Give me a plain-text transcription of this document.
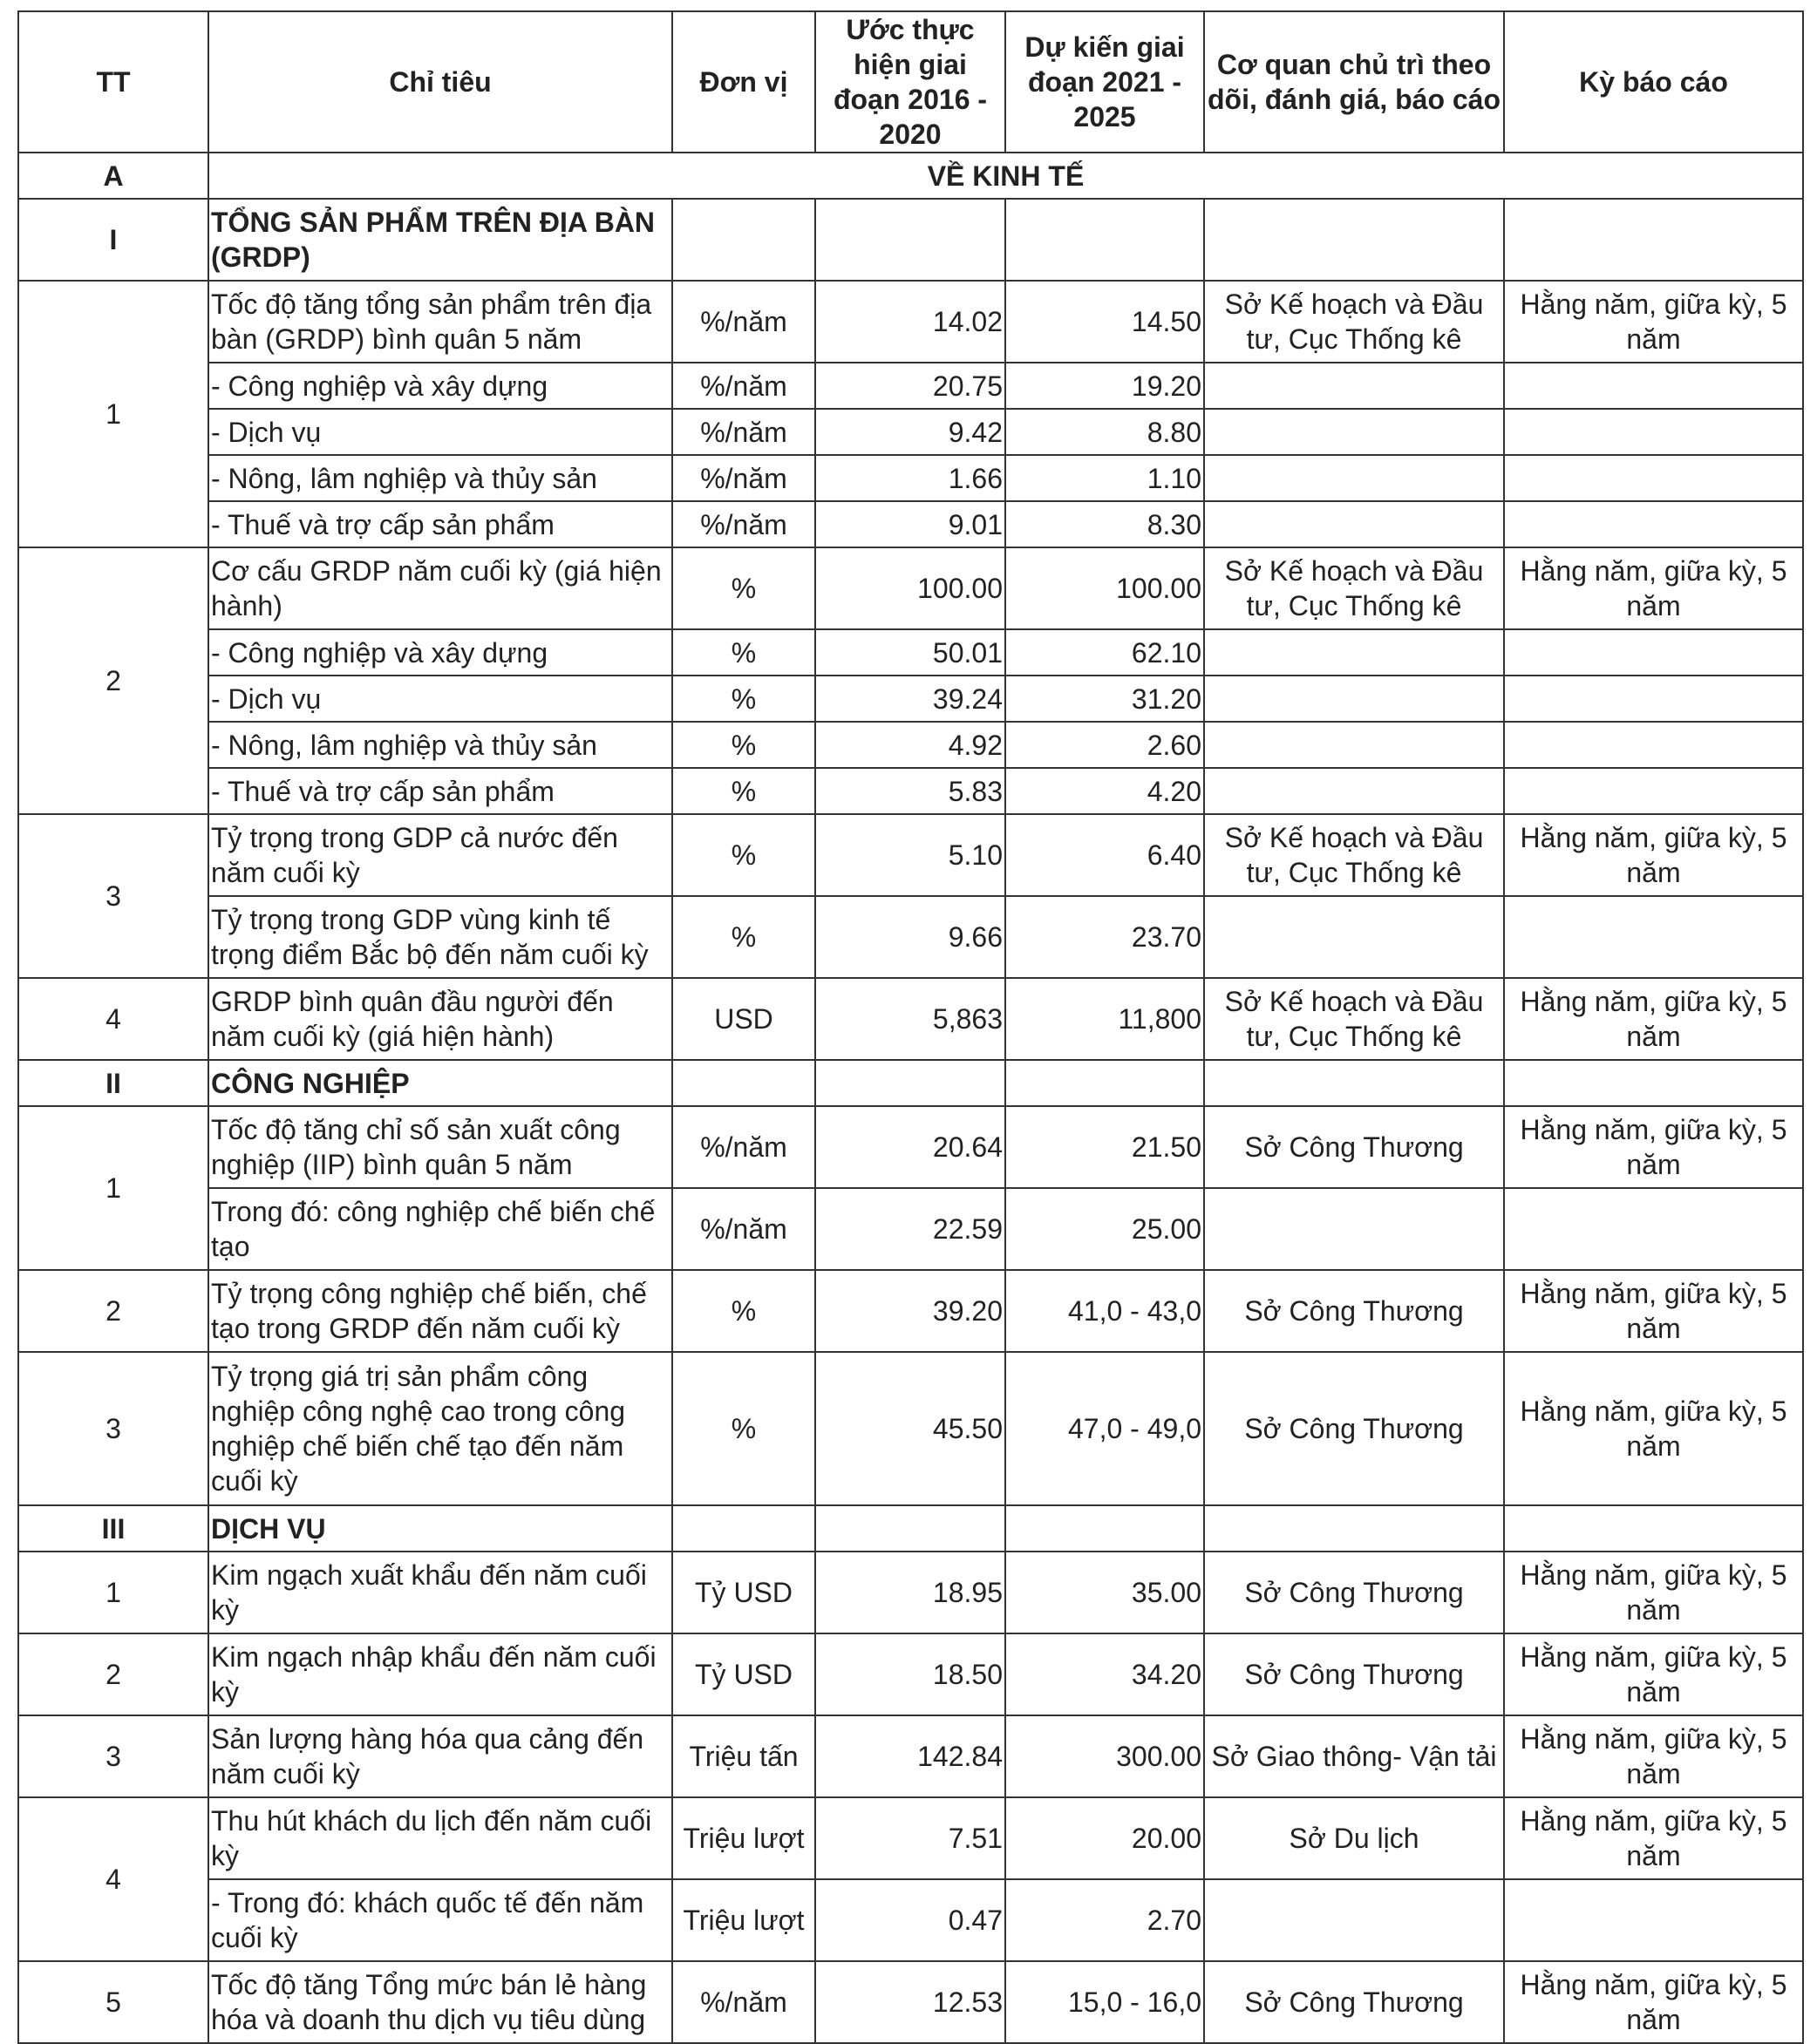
TT	Chỉ tiêu	Đơn vị	Ước thực hiện giai đoạn 2016 - 2020	Dự kiến giai đoạn 2021 - 2025	Cơ quan chủ trì theo dõi, đánh giá, báo cáo	Kỳ báo cáo
A	VỀ KINH TẾ					
I	TỔNG SẢN PHẨM TRÊN ĐỊA BÀN (GRDP)					
1	Tốc độ tăng tổng sản phẩm trên địa bàn (GRDP) bình quân 5 năm	%/năm	14.02	14.50	Sở Kế hoạch và Đầu tư, Cục Thống kê	Hằng năm, giữa kỳ, 5 năm
	- Công nghiệp và xây dựng	%/năm	20.75	19.20		
	- Dịch vụ	%/năm	9.42	8.80		
	- Nông, lâm nghiệp và thủy sản	%/năm	1.66	1.10		
	- Thuế và trợ cấp sản phẩm	%/năm	9.01	8.30		
2	Cơ cấu GRDP năm cuối kỳ (giá hiện hành)	%	100.00	100.00	Sở Kế hoạch và Đầu tư, Cục Thống kê	Hằng năm, giữa kỳ, 5 năm
	- Công nghiệp và xây dựng	%	50.01	62.10		
	- Dịch vụ	%	39.24	31.20		
	- Nông, lâm nghiệp và thủy sản	%	4.92	2.60		
	- Thuế và trợ cấp sản phẩm	%	5.83	4.20		
3	Tỷ trọng trong GDP cả nước đến năm cuối kỳ	%	5.10	6.40	Sở Kế hoạch và Đầu tư, Cục Thống kê	Hằng năm, giữa kỳ, 5 năm
	Tỷ trọng trong GDP vùng kinh tế trọng điểm Bắc bộ đến năm cuối kỳ	%	9.66	23.70		
4	GRDP bình quân đầu người đến năm cuối kỳ (giá hiện hành)	USD	5,863	11,800	Sở Kế hoạch và Đầu tư, Cục Thống kê	Hằng năm, giữa kỳ, 5 năm
II	CÔNG NGHIỆP					
1	Tốc độ tăng chỉ số sản xuất công nghiệp (IIP) bình quân 5 năm	%/năm	20.64	21.50	Sở Công Thương	Hằng năm, giữa kỳ, 5 năm
	Trong đó: công nghiệp chế biến chế tạo	%/năm	22.59	25.00		
2	Tỷ trọng công nghiệp chế biến, chế tạo trong GRDP đến năm cuối kỳ	%	39.20	41,0 - 43,0	Sở Công Thương	Hằng năm, giữa kỳ, 5 năm
3	Tỷ trọng giá trị sản phẩm công nghiệp công nghệ cao trong công nghiệp chế biến chế tạo đến năm cuối kỳ	%	45.50	47,0 - 49,0	Sở Công Thương	Hằng năm, giữa kỳ, 5 năm
III	DỊCH VỤ					
1	Kim ngạch xuất khẩu đến năm cuối kỳ	Tỷ USD	18.95	35.00	Sở Công Thương	Hằng năm, giữa kỳ, 5 năm
2	Kim ngạch nhập khẩu đến năm cuối kỳ	Tỷ USD	18.50	34.20	Sở Công Thương	Hằng năm, giữa kỳ, 5 năm
3	Sản lượng hàng hóa qua cảng đến năm cuối kỳ	Triệu tấn	142.84	300.00	Sở Giao thông- Vận tải	Hằng năm, giữa kỳ, 5 năm
4	Thu hút khách du lịch đến năm cuối kỳ	Triệu lượt	7.51	20.00	Sở Du lịch	Hằng năm, giữa kỳ, 5 năm
	- Trong đó: khách quốc tế đến năm cuối kỳ	Triệu lượt	0.47	2.70		
5	Tốc độ tăng Tổng mức bán lẻ hàng hóa và doanh thu dịch vụ tiêu dùng	%/năm	12.53	15,0 - 16,0	Sở Công Thương	Hằng năm, giữa kỳ, 5 năm
